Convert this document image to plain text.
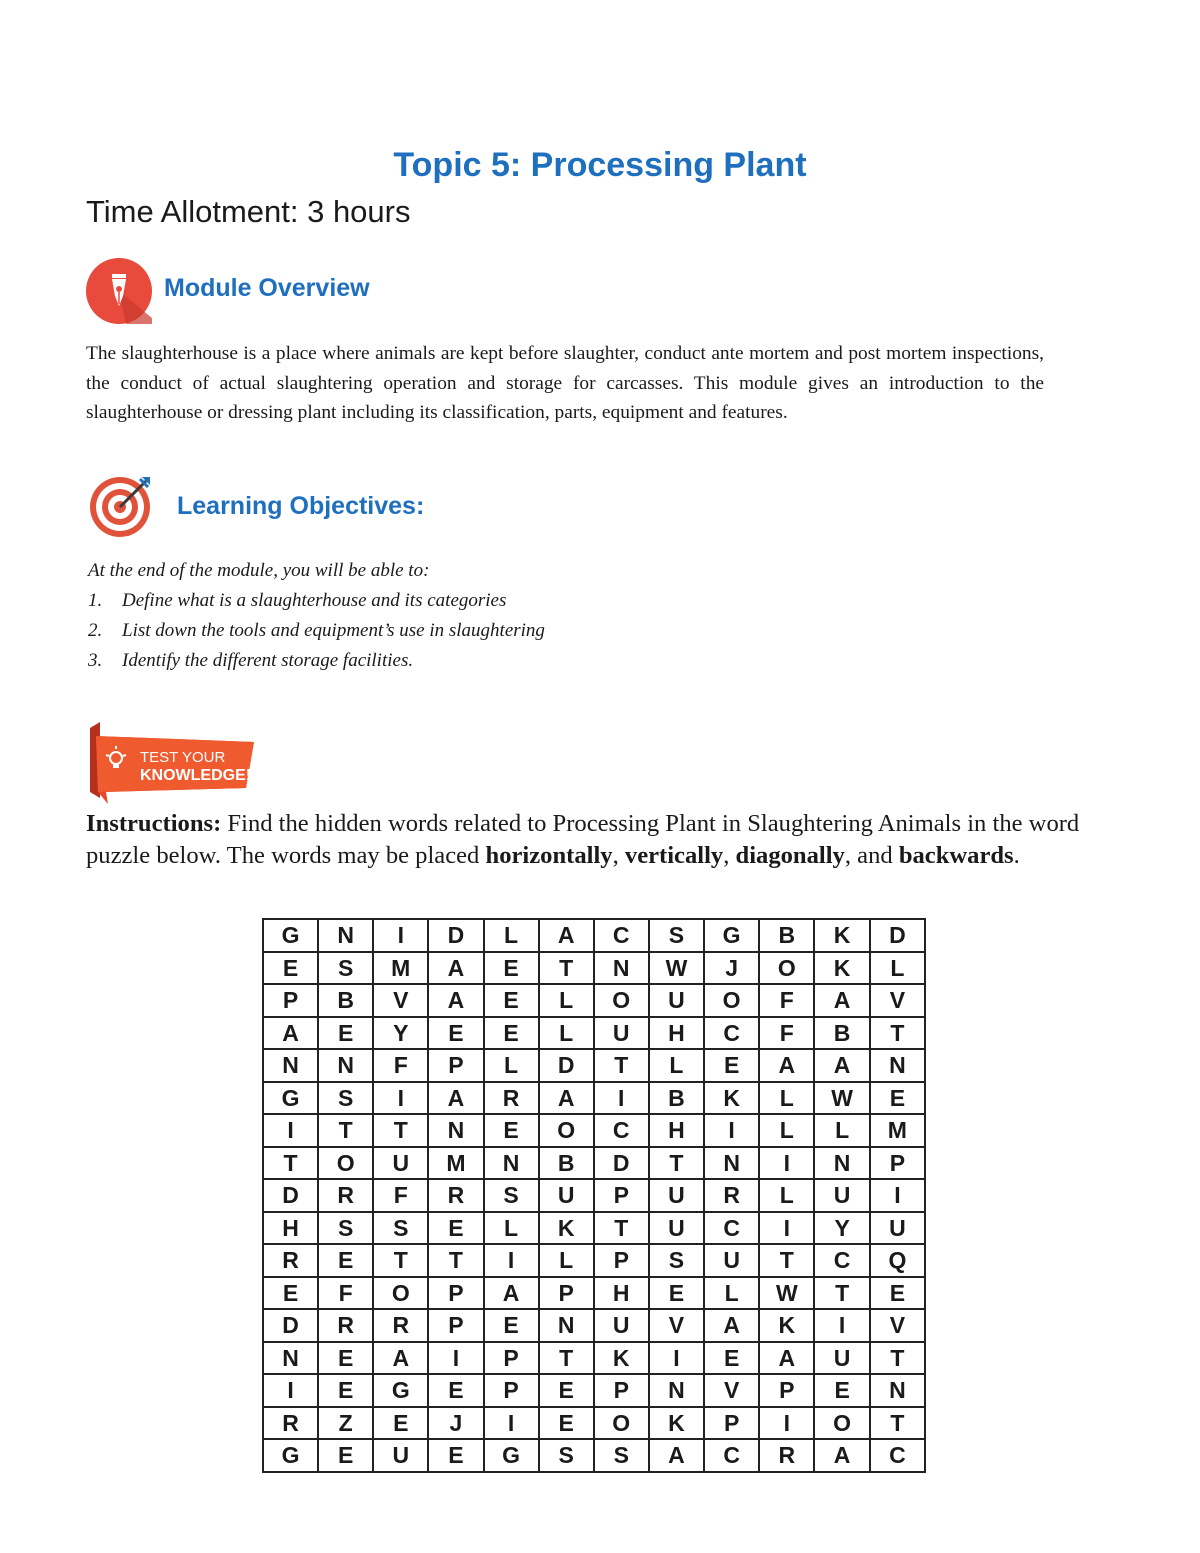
Topic 5: Processing Plant
Time Allotment: 3 hours
Module Overview
The slaughterhouse is a place where animals are kept before slaughter, conduct ante mortem and post mortem inspections, the conduct of actual slaughtering operation and storage for carcasses. This module gives an introduction to the slaughterhouse or dressing plant including its classification, parts, equipment and features.
Learning Objectives:
At the end of the module, you will be able to:
1. Define what is a slaughterhouse and its categories
2. List down the tools and equipment’s use in slaughtering
3. Identify the different storage facilities.
TEST YOUR
KNOWLEDGE!
Instructions: Find the hidden words related to Processing Plant in Slaughtering Animals in the word puzzle below. The words may be placed horizontally, vertically, diagonally, and backwards.
G	N	I	D	L	A	C	S	G	B	K	D
E	S	M	A	E	T	N	W	J	O	K	L
P	B	V	A	E	L	O	U	O	F	A	V
A	E	Y	E	E	L	U	H	C	F	B	T
N	N	F	P	L	D	T	L	E	A	A	N
G	S	I	A	R	A	I	B	K	L	W	E
I	T	T	N	E	O	C	H	I	L	L	M
T	O	U	M	N	B	D	T	N	I	N	P
D	R	F	R	S	U	P	U	R	L	U	I
H	S	S	E	L	K	T	U	C	I	Y	U
R	E	T	T	I	L	P	S	U	T	C	Q
E	F	O	P	A	P	H	E	L	W	T	E
D	R	R	P	E	N	U	V	A	K	I	V
N	E	A	I	P	T	K	I	E	A	U	T
I	E	G	E	P	E	P	N	V	P	E	N
R	Z	E	J	I	E	O	K	P	I	O	T
G	E	U	E	G	S	S	A	C	R	A	C
